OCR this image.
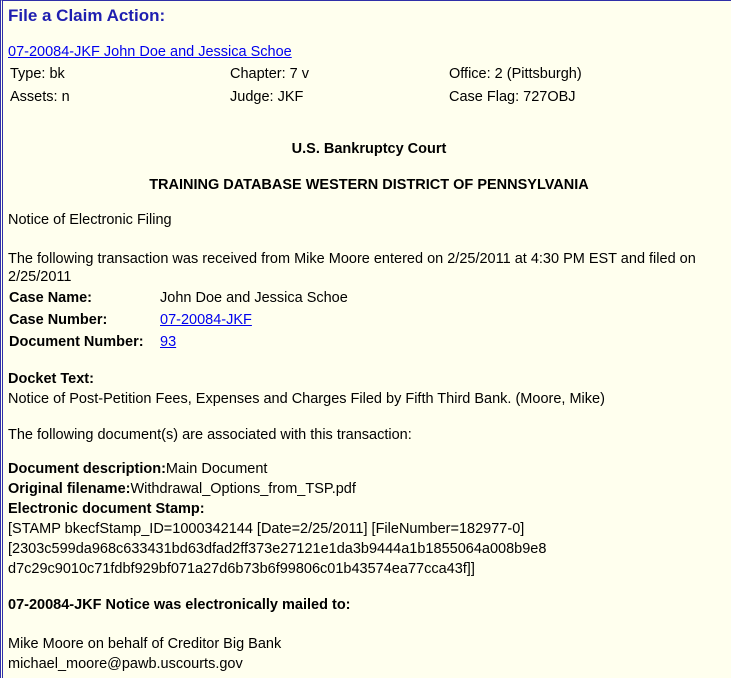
File a Claim Action:
07-20084-JKF John Doe and Jessica Schoe
Type: bk	Chapter: 7 v	Office: 2 (Pittsburgh)
Assets: n	Judge: JKF	Case Flag: 727OBJ
U.S. Bankruptcy Court
TRAINING DATABASE WESTERN DISTRICT OF PENNSYLVANIA
Notice of Electronic Filing
The following transaction was received from Mike Moore entered on 2/25/2011 at 4:30 PM EST and filed on 2/25/2011
Case Name:	John Doe and Jessica Schoe
Case Number:	07-20084-JKF
Document Number: 93
Docket Text:
Notice of Post-Petition Fees, Expenses and Charges Filed by Fifth Third Bank. (Moore, Mike)
The following document(s) are associated with this transaction:
Document description:Main Document
Original filename:Withdrawal_Options_from_TSP.pdf
Electronic document Stamp:
[STAMP bkecfStamp_ID=1000342144 [Date=2/25/2011] [FileNumber=182977-0]
[2303c599da968c633431bd63dfad2ff373e27121e1da3b9444a1b1855064a008b9e8
d7c29c9010c71fdbf929bf071a27d6b73b6f99806c01b43574ea77cca43f]]
07-20084-JKF Notice was electronically mailed to:
Mike Moore on behalf of Creditor Big Bank
michael_moore@pawb.uscourts.gov
